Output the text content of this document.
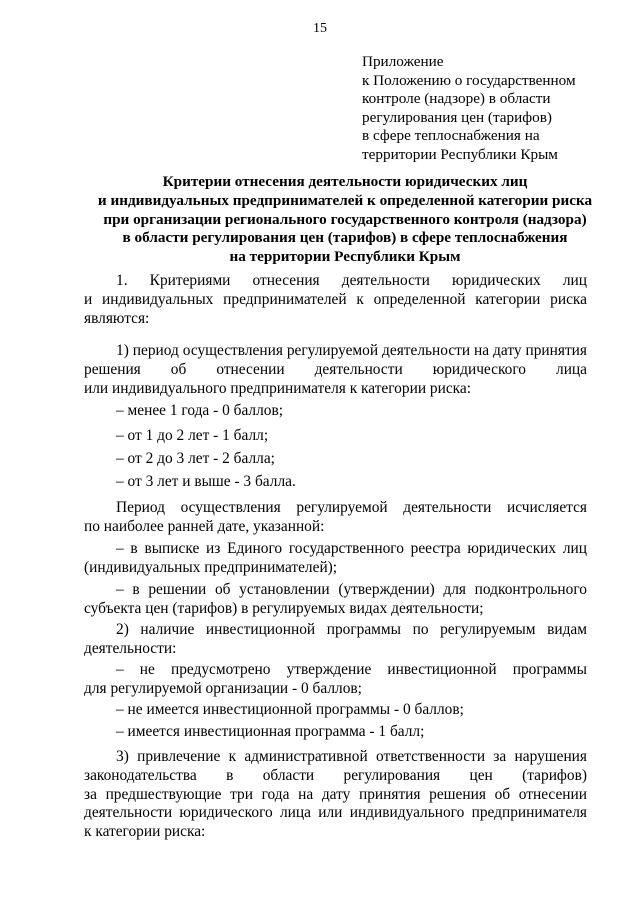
15
Приложение
к Положению о государственном
контроле (надзоре) в области
регулирования цен (тарифов)
в сфере теплоснабжения на
территории Республики Крым
Критерии отнесения деятельности юридических лиц
и индивидуальных предпринимателей к определенной категории риска
при организации регионального государственного контроля (надзора)
в области регулирования цен (тарифов) в сфере теплоснабжения
на территории Республики Крым
1. Критериями отнесения деятельности юридических лиц
и индивидуальных предпринимателей к определенной категории риска
являются:
1) период осуществления регулируемой деятельности на дату принятия
решения об отнесении деятельности юридического лица
или индивидуального предпринимателя к категории риска:
– менее 1 года - 0 баллов;
– от 1 до 2 лет - 1 балл;
– от 2 до 3 лет - 2 балла;
– от 3 лет и выше - 3 балла.
Период осуществления регулируемой деятельности исчисляется
по наиболее ранней дате, указанной:
– в выписке из Единого государственного реестра юридических лиц
(индивидуальных предпринимателей);
– в решении об установлении (утверждении) для подконтрольного
субъекта цен (тарифов) в регулируемых видах деятельности;
2) наличие инвестиционной программы по регулируемым видам
деятельности:
– не предусмотрено утверждение инвестиционной программы
для регулируемой организации - 0 баллов;
– не имеется инвестиционной программы - 0 баллов;
– имеется инвестиционная программа - 1 балл;
3) привлечение к административной ответственности за нарушения
законодательства в области регулирования цен (тарифов)
за предшествующие три года на дату принятия решения об отнесении
деятельности юридического лица или индивидуального предпринимателя
к категории риска:
